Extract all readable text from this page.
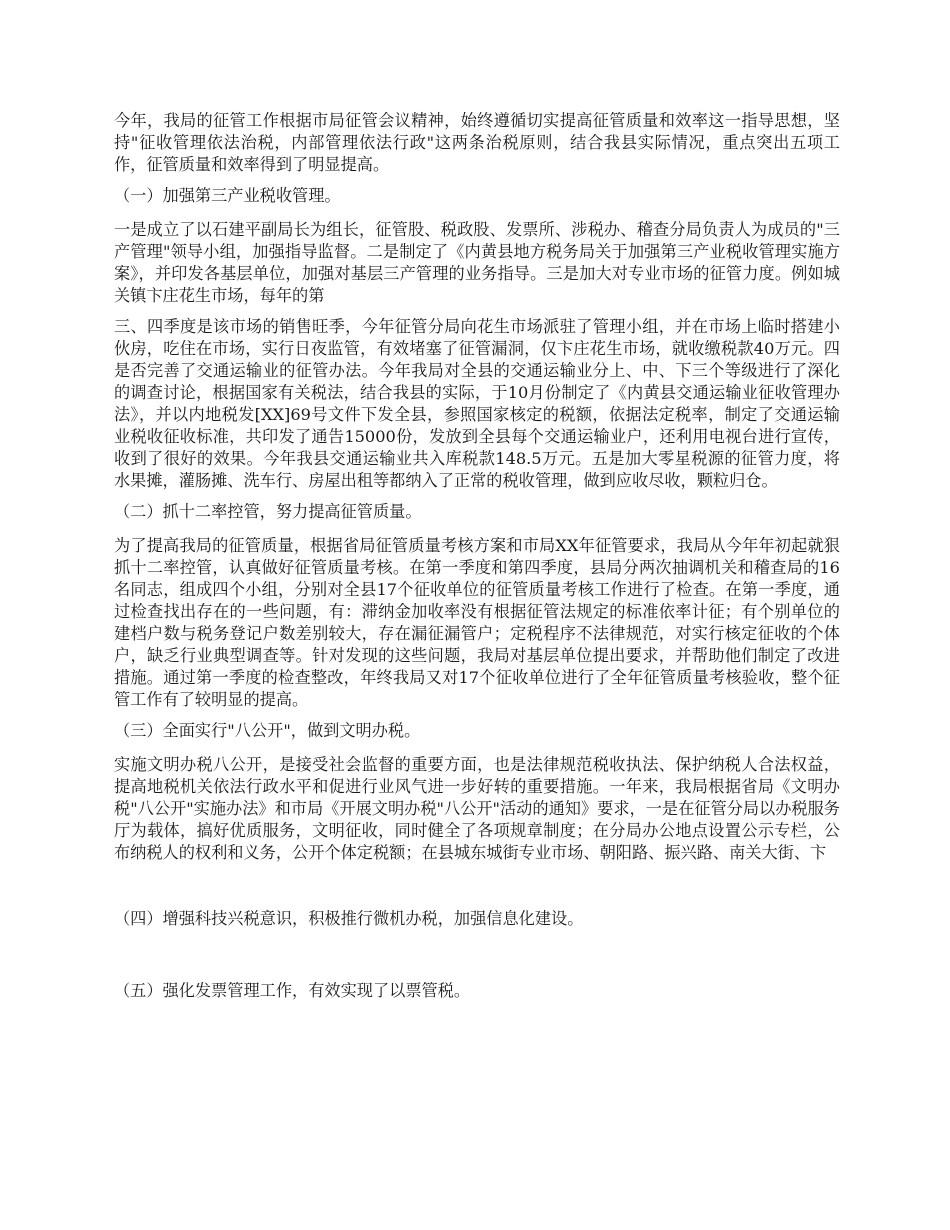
今年，我局的征管工作根据市局征管会议精神，始终遵循切实提高征管质量和效率这一指导思想，坚持"征收管理依法治税，内部管理依法行政"这两条治税原则，结合我县实际情况，重点突出五项工作，征管质量和效率得到了明显提高。

（一）加强第三产业税收管理。

一是成立了以石建平副局长为组长，征管股、税政股、发票所、涉税办、稽查分局负责人为成员的"三产管理"领导小组，加强指导监督。二是制定了《内黄县地方税务局关于加强第三产业税收管理实施方案》，并印发各基层单位，加强对基层三产管理的业务指导。三是加大对专业市场的征管力度。例如城关镇卞庄花生市场，每年的第

三、四季度是该市场的销售旺季，今年征管分局向花生市场派驻了管理小组，并在市场上临时搭建小伙房，吃住在市场，实行日夜监管，有效堵塞了征管漏洞，仅卞庄花生市场，就收缴税款40万元。四是否完善了交通运输业的征管办法。今年我局对全县的交通运输业分上、中、下三个等级进行了深化的调查讨论，根据国家有关税法，结合我县的实际，于10月份制定了《内黄县交通运输业征收管理办法》，并以内地税发[XX]69号文件下发全县，参照国家核定的税额，依据法定税率，制定了交通运输业税收征收标准，共印发了通告15000份，发放到全县每个交通运输业户，还利用电视台进行宣传，收到了很好的效果。今年我县交通运输业共入库税款148.5万元。五是加大零星税源的征管力度，将水果摊，灌肠摊、洗车行、房屋出租等都纳入了正常的税收管理，做到应收尽收，颗粒归仓。

（二）抓十二率控管，努力提高征管质量。

为了提高我局的征管质量，根据省局征管质量考核方案和市局XX年征管要求，我局从今年年初起就狠抓十二率控管，认真做好征管质量考核。在第一季度和第四季度，县局分两次抽调机关和稽查局的16名同志，组成四个小组，分别对全县17个征收单位的征管质量考核工作进行了检查。在第一季度，通过检查找出存在的一些问题，有：滞纳金加收率没有根据征管法规定的标准依率计征；有个别单位的建档户数与税务登记户数差别较大，存在漏征漏管户；定税程序不法律规范，对实行核定征收的个体户，缺乏行业典型调查等。针对发现的这些问题，我局对基层单位提出要求，并帮助他们制定了改进措施。通过第一季度的检查整改，年终我局又对17个征收单位进行了全年征管质量考核验收，整个征管工作有了较明显的提高。

（三）全面实行"八公开"，做到文明办税。

实施文明办税八公开，是接受社会监督的重要方面，也是法律规范税收执法、保护纳税人合法权益，提高地税机关依法行政水平和促进行业风气进一步好转的重要措施。一年来，我局根据省局《文明办税"八公开"实施办法》和市局《开展文明办税"八公开"活动的通知》要求，一是在征管分局以办税服务厅为载体，搞好优质服务，文明征收，同时健全了各项规章制度；在分局办公地点设置公示专栏，公布纳税人的权利和义务，公开个体定税额；在县城东城街专业市场、朝阳路、振兴路、南关大街、卞

（四）增强科技兴税意识，积极推行微机办税，加强信息化建设。

（五）强化发票管理工作，有效实现了以票管税。
